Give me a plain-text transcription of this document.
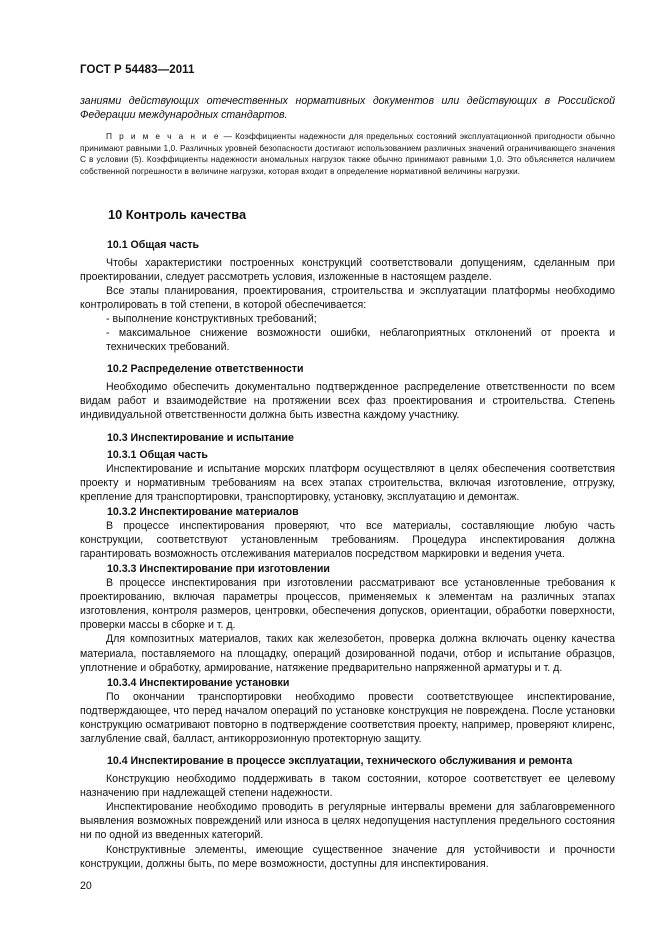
ГОСТ Р 54483—2011

заниями действующих отечественных нормативных документов или действующих в Российской Федерации международных стандартов.

П р и м е ч а н и е — Коэффициенты надежности для предельных состояний эксплуатационной пригодности обычно принимают равными 1,0. Различных уровней безопасности достигают использованием различных значений ограничивающего значения C в условии (5). Коэффициенты надежности аномальных нагрузок также обычно принимают равными 1,0. Это объясняется наличием собственной погрешности в величине нагрузки, которая входит в определение нормативной величины нагрузки.

10 Контроль качества
10.1 Общая часть

Чтобы характеристики построенных конструкций соответствовали допущениям, сделанным при проектировании, следует рассмотреть условия, изложенные в настоящем разделе.

Все этапы планирования, проектирования, строительства и эксплуатации платформы необходимо контролировать в той степени, в которой обеспечивается:

- выполнение конструктивных требований;

- максимальное снижение возможности ошибки, неблагоприятных отклонений от проекта и технических требований.

10.2 Распределение ответственности

Необходимо обеспечить документально подтвержденное распределение ответственности по всем видам работ и взаимодействие на протяжении всех фаз проектирования и строительства. Степень индивидуальной ответственности должна быть известна каждому участнику.

10.3 Инспектирование и испытание
10.3.1 Общая часть

Инспектирование и испытание морских платформ осуществляют в целях обеспечения соответствия проекту и нормативным требованиям на всех этапах строительства, включая изготовление, отгрузку, крепление для транспортировки, транспортировку, установку, эксплуатацию и демонтаж.

10.3.2 Инспектирование материалов

В процессе инспектирования проверяют, что все материалы, составляющие любую часть конструкции, соответствуют установленным требованиям. Процедура инспектирования должна гарантировать возможность отслеживания материалов посредством маркировки и ведения учета.

10.3.3 Инспектирование при изготовлении

В процессе инспектирования при изготовлении рассматривают все установленные требования к проектированию, включая параметры процессов, применяемых к элементам на различных этапах изготовления, контроля размеров, центровки, обеспечения допусков, ориентации, обработки поверхности, проверки массы в сборке и т. д.

Для композитных материалов, таких как железобетон, проверка должна включать оценку качества материала, поставляемого на площадку, операций дозированной подачи, отбор и испытание образцов, уплотнение и обработку, армирование, натяжение предварительно напряженной арматуры и т. д.

10.3.4 Инспектирование установки

По окончании транспортировки необходимо провести соответствующее инспектирование, подтверждающее, что перед началом операций по установке конструкция не повреждена. После установки конструкцию осматривают повторно в подтверждение соответствия проекту, например, проверяют клиренс, заглубление свай, балласт, антикоррозионную протекторную защиту.

10.4 Инспектирование в процессе эксплуатации, технического обслуживания и ремонта

Конструкцию необходимо поддерживать в таком состоянии, которое соответствует ее целевому назначению при надлежащей степени надежности.

Инспектирование необходимо проводить в регулярные интервалы времени для заблаговременного выявления возможных повреждений или износа в целях недопущения наступления предельного состояния ни по одной из введенных категорий.

Конструктивные элементы, имеющие существенное значение для устойчивости и прочности конструкции, должны быть, по мере возможности, доступны для инспектирования.

20
